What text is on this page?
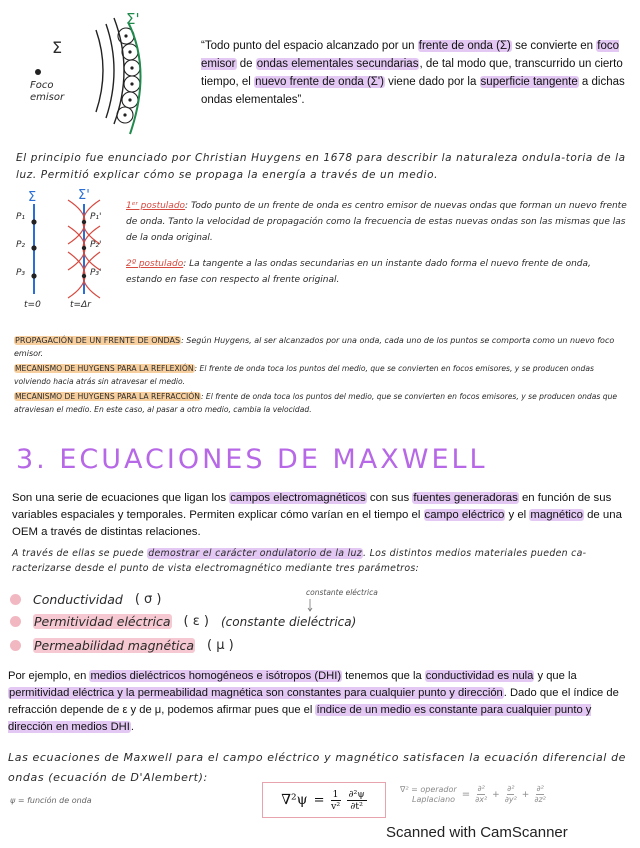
Σ
Σ'
Foco
emisor
“Todo punto del espacio alcanzado por un frente de onda (Σ) se convierte en foco emisor de ondas elementales secundarias, de tal modo que, transcurrido un cierto tiempo, el nuevo frente de onda (Σ') viene dado por la superficie tangente a dichas ondas elementales”.
El principio fue enunciado por Christian Huygens en 1678 para describir la naturaleza ondula-toria de la luz. Permitió explicar cómo se propaga la energía a través de un medio.
Σ	Σ'
P₁
P₂
P₃
P₁'
P₂'
P₃'
t=0	t=Δr
1ᵉʳ postulado: Todo punto de un frente de onda es centro emisor de nuevas ondas que forman un nuevo frente de onda. Tanto la velocidad de propagación como la frecuencia de estas nuevas ondas son las mismas que las de la onda original.
2º postulado: La tangente a las ondas secundarias en un instante dado forma el nuevo frente de onda, estando en fase con respecto al frente original.
PROPAGACIÓN DE UN FRENTE DE ONDAS: Según Huygens, al ser alcanzados por una onda, cada uno de los puntos se comporta como un nuevo foco emisor.
MECANISMO DE HUYGENS PARA LA REFLEXIÓN: El frente de onda toca los puntos del medio, que se convierten en focos emisores, y se producen ondas volviendo hacia atrás sin atravesar el medio.
MECANISMO DE HUYGENS PARA LA REFRACCIÓN: El frente de onda toca los puntos del medio, que se convierten en focos emisores, y se producen ondas que atraviesan el medio. En este caso, al pasar a otro medio, cambia la velocidad.
3. ECUACIONES DE MAXWELL
Son una serie de ecuaciones que ligan los campos electromagnéticos con sus fuentes generadoras en función de sus variables espaciales y temporales. Permiten explicar cómo varían en el tiempo el campo eléctrico y el magnético de una OEM a través de distintas relaciones.
A través de ellas se puede demostrar el carácter ondulatorio de la luz. Los distintos medios materiales pueden ca-racterizarse desde el punto de vista electromagnético mediante tres parámetros:
constante eléctrica
Conductividad ( σ )
Permitividad eléctrica ( ε ) (constante dieléctrica)
Permeabilidad magnética ( μ )
Por ejemplo, en medios dieléctricos homogéneos e isótropos (DHI) tenemos que la conductividad es nula y que la permitividad eléctrica y la permeabilidad magnética son constantes para cualquier punto y dirección. Dado que el índice de refracción depende de ε y de μ, podemos afirmar pues que el índice de un medio es constante para cualquier punto y dirección en medios DHI.
Las ecuaciones de Maxwell para el campo eléctrico y magnético satisfacen la ecuación diferencial de ondas (ecuación de D'Alembert):
ψ = función de onda	$\nabla^2\psi = \frac{1}{\text{v²}} \frac{\text{∂²ψ}}{\text{∂t²}}$	∇² = operador
Laplaciano =
∂²
∂x² +
∂²
∂y² +
∂²
∂z²
Scanned with CamScanner
